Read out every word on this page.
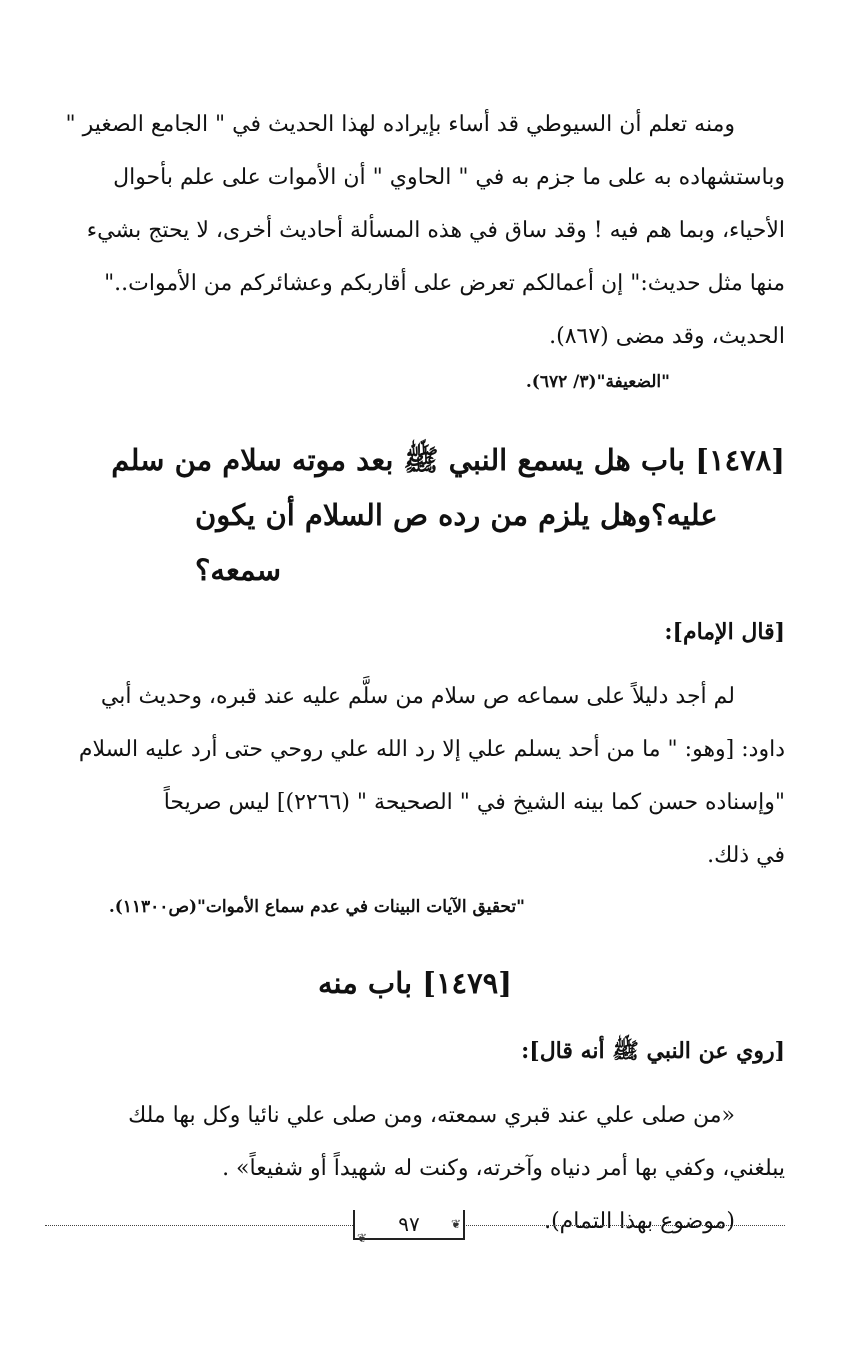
ومنه تعلم أن السيوطي قد أساء بإيراده لهذا الحديث في " الجامع الصغير "

وباستشهاده به على ما جزم به في " الحاوي " أن الأموات على علم بأحوال

الأحياء، وبما هم فيه ! وقد ساق في هذه المسألة أحاديث أخرى، لا يحتج بشيء

منها مثل حديث:" إن أعمالكم تعرض على أقاربكم وعشائركم من الأموات.."

الحديث، وقد مضى (٨٦٧).

"الضعيفة"(٣/ ٦٧٢).

[١٤٧٨] باب هل يسمع النبي ﷺ بعد موته سلام من سلم
عليه؟وهل يلزم من رده ص السلام أن يكون سمعه؟

[قال الإمام]:

لم أجد دليلاً على سماعه ص سلام من سلَّم عليه عند قبره، وحديث أبي

داود: [وهو: " ما من أحد يسلم علي إلا رد الله علي روحي حتى أرد عليه السلام

"وإسناده حسن كما بينه الشيخ في " الصحيحة " (٢٢٦٦)] ليس صريحاً

في ذلك.

"تحقيق الآيات البينات في عدم سماع الأموات"(ص١١٣٠٠).

[١٤٧٩] باب منه

[روي عن النبي ﷺ أنه قال]:

«من صلى علي عند قبري سمعته، ومن صلى علي نائيا وكل بها ملك

يبلغني، وكفي بها أمر دنياه وآخرته، وكنت له شهيداً أو شفيعاً» .

(موضوع بهذا التمام).

٩٧	❦
❦
